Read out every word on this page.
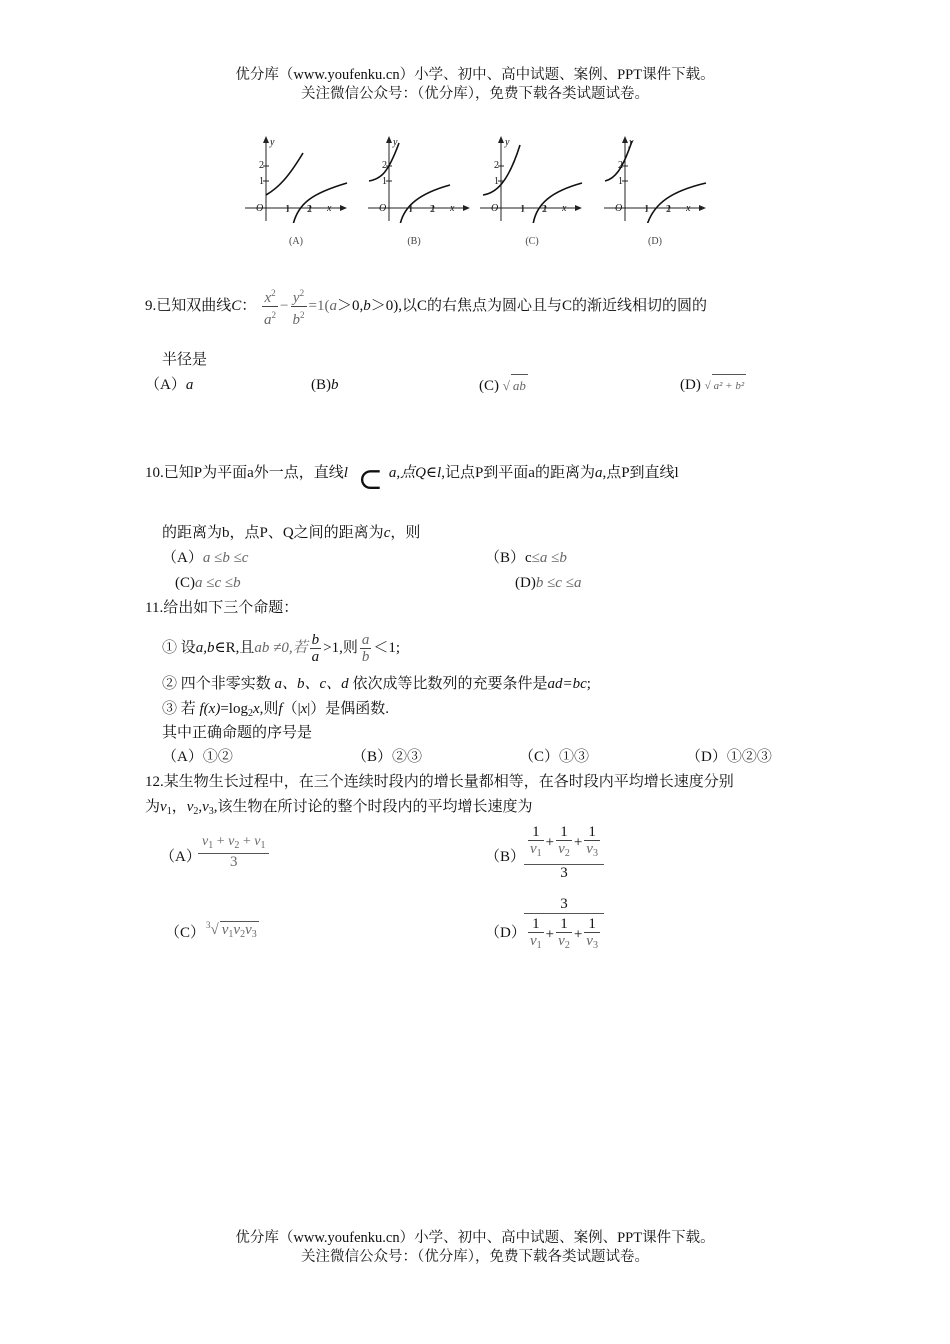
优分库（www.youfenku.cn）小学、初中、高中试题、案例、PPT课件下载。
关注微信公众号：（优分库），免费下载各类试题试卷。
y
O
2
1
1 2 x
y
O
2
1
1 2 x
y
O
2
1
1 2 x
y
O
2
1
1 2 x
(A)	(B)	(C)	(D)
9.已知双曲线C： $\frac{x^2}{a^2} - \frac{y^2}{b^2} =1(a>0,b>0)$,以C的右焦点为圆心且与C的渐近线相切的圆的
半径是
（A）a	(B)b	(C) √ ab	(D) √ a² + b²
10.已知P为平面a外一点，直线l ⊂ a,点Q∈l,记点P到平面a的距离为a,点P到直线l
的距离为b，点P、Q之间的距离为c，则
（A）a ≤b ≤c	（B）c≤a ≤b
(C)a ≤c ≤b	(D)b ≤c ≤a
11.给出如下三个命题：
① 设a,b∈R,且ab ≠0,若 $\frac{b}{a} >1$,则 $\frac{a}{b} <1$;
② 四个非零实数 a、b、c、d 依次成等比数列的充要条件是ad=bc;
③ 若 $f(x)=\log_2x$,则f（|x|）是偶函数.
其中正确命题的序号是
（A）①②	（B）②③	（C）①③	（D）①②③
12.某生物生长过程中，在三个连续时段内的增长量都相等，在各时段内平均增长速度分别
为$v_1$，$v_2,v_3$,该生物在所讨论的整个时段内的平均增长速度为
（A）
$v_1 + v_2 + v_1$
3	$(B) \frac{1}{v_1} + \frac{1}{v_2} + \frac{1}{v_3}$
3
（C） $^3$√ $v_1v_2v_3$	（D）
3
$\frac{1}{v_1} + \frac{1}{v_2} + \frac{1}{v_3}$
优分库（www.youfenku.cn）小学、初中、高中试题、案例、PPT课件下载。
关注微信公众号：（优分库），免费下载各类试题试卷。
